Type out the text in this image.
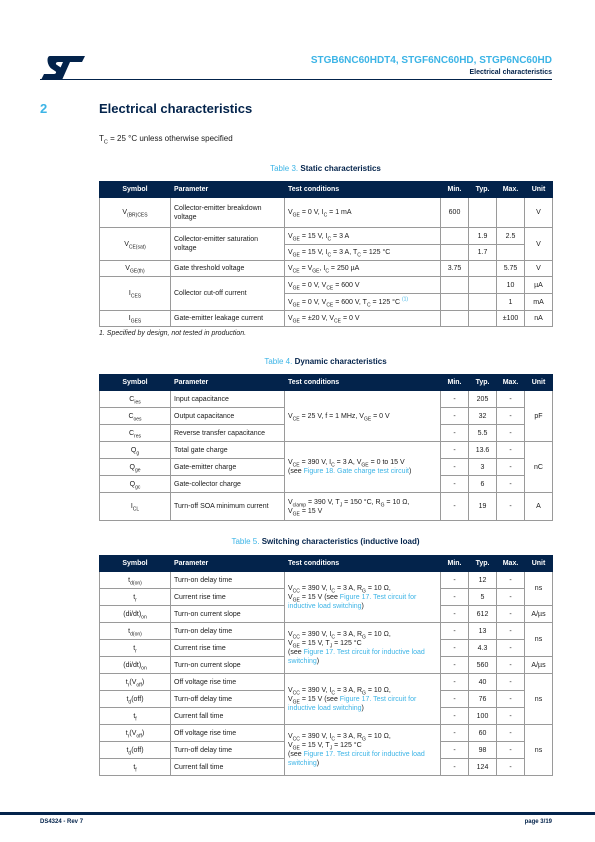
STGB6NC60HDT4, STGF6NC60HD, STGP6NC60HD
Electrical characteristics
2	Electrical characteristics
$T_C = 25$ °C unless otherwise specified
Table 3. Static characteristics
Symbol	Parameter	Test conditions	Min.	Typ.	Max.	Unit
$V_{(BR)CES}$	Collector-emitter breakdown voltage	$V_{GE} = 0$ V, $I_C = 1$ mA	600			V
$V_{CE(sat)}$	Collector-emitter saturation voltage	$V_{GE} = 15$ V, $I_C = 3$ A		1.9	2.5	V
		$V_{GE} = 15$ V, $I_C = 3$ A, $T_C = 125$ °C		1.7		
$V_{GE(th)}$	Gate threshold voltage	$V_{CE} = V_{GE}$, $I_C = 250$ µA	3.75		5.75	V
$I_{CES}$	Collector cut-off current	$V_{GE} = 0$ V, $V_{CE} = 600$ V			10	µA
		$V_{GE} = 0$ V, $V_{CE} = 600$ V, $T_C = 125$ °C $^{(1)}$			1	mA
$I_{GES}$	Gate-emitter leakage current	$V_{GE} = \pm 20$ V, $V_{CE} = 0$ V			±100	nA
1. Specified by design, not tested in production.
Table 4. Dynamic characteristics
Symbol	Parameter	Test conditions	Min.	Typ.	Max.	Unit
$C_{ies}$	Input capacitance	$V_{CE} = 25$ V, f = 1 MHz, $V_{GE} = 0$ V	-	205	-	pF
$C_{oes}$	Output capacitance		-	32	-	
$C_{res}$	Reverse transfer capacitance		-	5.5	-	
$Q_g$	Total gate charge	$V_{CE} = 390$ V, $I_C = 3$ A, $V_{GE} = 0$ to 15 V
(see Figure 18. Gate charge test circuit)	-	13.6	-	nC
$Q_{ge}$	Gate-emitter charge		-	3	-	
$Q_{gc}$	Gate-collector charge		-	6	-	
$I_{CL}$	Turn-off SOA minimum current	$V_{clamp} = 390$ V, $T_J = 150$ °C, $R_G = 10$ Ω,
$V_{GE} = 15$ V	-	19	-	A
Table 5. Switching characteristics (inductive load)
Symbol	Parameter	Test conditions	Min.	Typ.	Max.	Unit
$t_{d(on)}$	Turn-on delay time	$V_{CC} = 390$ V, $I_C = 3$ A, $R_G = 10$ Ω,
$V_{GE} = 15$ V (see Figure 17. Test circuit for inductive load switching)	-	12	-	ns
$t_r$	Current rise time		-	5	-	
$(di/dt)_{on}$	Turn-on current slope		-	612	-	A/µs
$t_{d(on)}$	Turn-on delay time	$V_{CC} = 390$ V, $I_C = 3$ A, $R_G = 10$ Ω,
$V_{GE} = 15$ V, $T_J = 125$ °C
(see Figure 17. Test circuit for inductive load switching)	-	13	-	ns
$t_r$	Current rise time		-	4.3	-	
$(di/dt)_{on}$	Turn-on current slope		-	560	-	A/µs
$t_r(V_{off})$	Off voltage rise time	$V_{CC} = 390$ V, $I_C = 3$ A, $R_G = 10$ Ω,
$V_{GE} = 15$ V (see Figure 17. Test circuit for inductive load switching)	-	40	-	ns
$t_d(off)$	Turn-off delay time		-	76	-	
$t_f$	Current fall time		-	100	-	
$t_r(V_{off})$	Off voltage rise time	$V_{CC} = 390$ V, $I_C = 3$ A, $R_G = 10$ Ω,
$V_{GE} = 15$ V, $T_J = 125$ °C
(see Figure 17. Test circuit for inductive load switching)	-	60	-	ns
$t_d(off)$	Turn-off delay time		-	98	-	
$t_f$	Current fall time		-	124	-	
DS4324 - Rev 7	page 3/19
